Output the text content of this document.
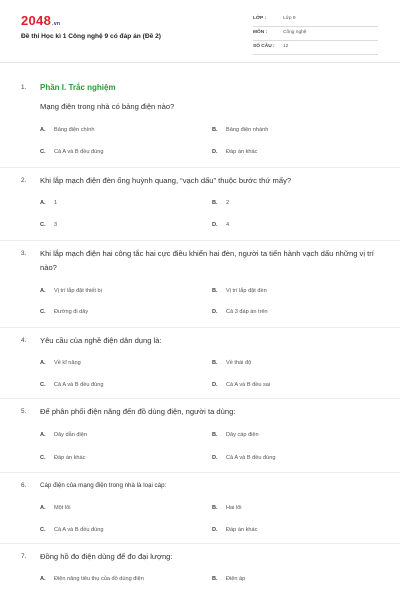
2048.vn
Đề thi Học kì 1 Công nghệ 9 có đáp án (Đề 2)
LỚP :	Lớp 9
MÔN :	Công nghệ
SỐ CÂU : 12
1. Phần I. Trắc nghiệm
Mạng điện trong nhà có bảng điện nào?
A. Bảng điện chính	B. Bảng điện nhánh
C. Cả A và B đều đúng	D. Đáp án khác
2. Khi lắp mạch điện đèn ống huỳnh quang, “vạch dấu” thuộc bước thứ mấy?
A. 1	B. 2
C. 3	D. 4
3. Khi lắp mạch điện hai công tắc hai cực điều khiển hai đèn, người ta tiến hành vạch dấu những vị trí nào?
A. Vị trí lắp đặt thiết bị	B. Vị trí lắp đặt đèn
C. Đường đi dây	D. Cả 3 đáp án trên
4. Yêu cầu của nghề điện dân dụng là:
A. Về kĩ năng	B. Về thái độ
C. Cả A và B đều đúng	D. Cả A và B đều sai
5. Để phân phối điện năng đến đồ dùng điện, người ta dùng:
A. Dây dẫn điện	B. Dây cáp điện
C. Đáp án khác	D. Cả A và B đều đúng
6. Cáp điện của mạng điện trong nhà là loại cáp:
A. Một lõi	B. Hai lõi
C. Cả A và B đều đúng	D. Đáp án khác
7. Đồng hồ đo điện dùng để đo đại lượng:
A. Điện năng tiêu thụ của đồ dùng điện	B. Điện áp
